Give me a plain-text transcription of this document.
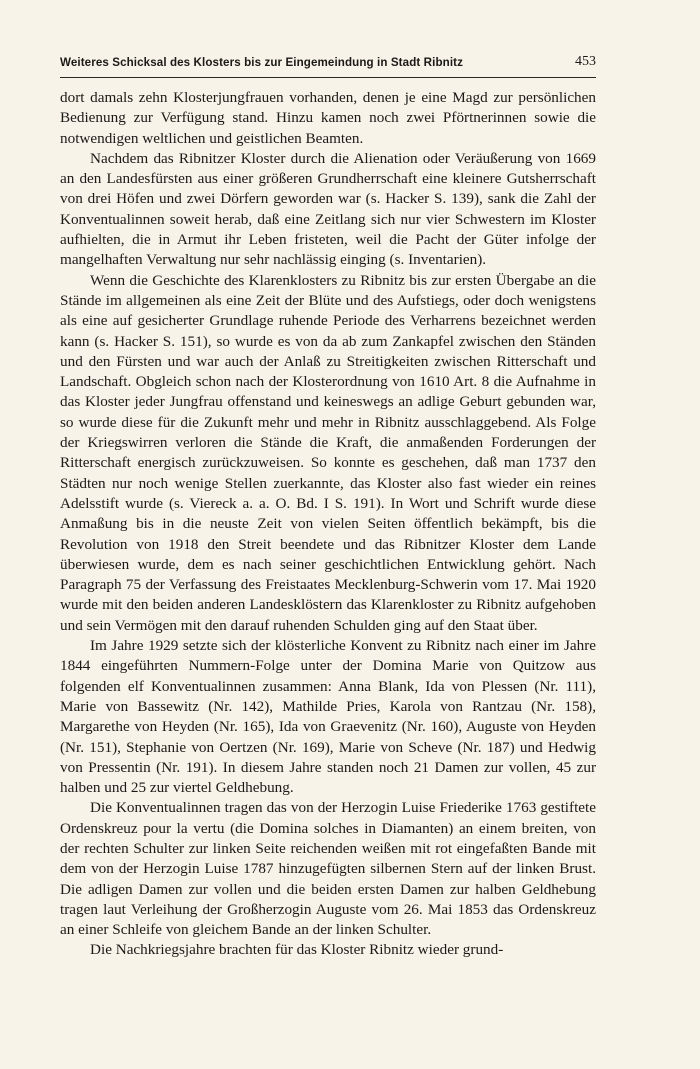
Weiteres Schicksal des Klosters bis zur Eingemeindung in Stadt Ribnitz	453

dort damals zehn Klosterjungfrauen vorhanden, denen je eine Magd zur persönlichen Bedienung zur Verfügung stand. Hinzu kamen noch zwei Pförtnerinnen sowie die notwendigen weltlichen und geistlichen Beamten.

Nachdem das Ribnitzer Kloster durch die Alienation oder Veräußerung von 1669 an den Landesfürsten aus einer größeren Grundherrschaft eine kleinere Gutsherrschaft von drei Höfen und zwei Dörfern geworden war (s. Hacker S. 139), sank die Zahl der Konventualinnen soweit herab, daß eine Zeitlang sich nur vier Schwestern im Kloster aufhielten, die in Armut ihr Leben fristeten, weil die Pacht der Güter infolge der mangelhaften Verwaltung nur sehr nachlässig einging (s. Inventarien).

Wenn die Geschichte des Klarenklosters zu Ribnitz bis zur ersten Übergabe an die Stände im allgemeinen als eine Zeit der Blüte und des Aufstiegs, oder doch wenigstens als eine auf gesicherter Grundlage ruhende Periode des Verharrens bezeichnet werden kann (s. Hacker S. 151), so wurde es von da ab zum Zankapfel zwischen den Ständen und den Fürsten und war auch der Anlaß zu Streitigkeiten zwischen Ritterschaft und Landschaft. Obgleich schon nach der Klosterordnung von 1610 Art. 8 die Aufnahme in das Kloster jeder Jungfrau offenstand und keineswegs an adlige Geburt gebunden war, so wurde diese für die Zukunft mehr und mehr in Ribnitz ausschlaggebend. Als Folge der Kriegswirren verloren die Stände die Kraft, die anmaßenden Forderungen der Ritterschaft energisch zurückzuweisen. So konnte es geschehen, daß man 1737 den Städten nur noch wenige Stellen zuerkannte, das Kloster also fast wieder ein reines Adelsstift wurde (s. Viereck a. a. O. Bd. I S. 191). In Wort und Schrift wurde diese Anmaßung bis in die neuste Zeit von vielen Seiten öffentlich bekämpft, bis die Revolution von 1918 den Streit beendete und das Ribnitzer Kloster dem Lande überwiesen wurde, dem es nach seiner geschichtlichen Entwicklung gehört. Nach Paragraph 75 der Verfassung des Freistaates Mecklenburg-Schwerin vom 17. Mai 1920 wurde mit den beiden anderen Landesklöstern das Klarenkloster zu Ribnitz aufgehoben und sein Vermögen mit den darauf ruhenden Schulden ging auf den Staat über.

Im Jahre 1929 setzte sich der klösterliche Konvent zu Ribnitz nach einer im Jahre 1844 eingeführten Nummern-Folge unter der Domina Marie von Quitzow aus folgenden elf Konventualinnen zusammen: Anna Blank, Ida von Plessen (Nr. 111), Marie von Bassewitz (Nr. 142), Mathilde Pries, Karola von Rantzau (Nr. 158), Margarethe von Heyden (Nr. 165), Ida von Graevenitz (Nr. 160), Auguste von Heyden (Nr. 151), Stephanie von Oertzen (Nr. 169), Marie von Scheve (Nr. 187) und Hedwig von Pressentin (Nr. 191). In diesem Jahre standen noch 21 Damen zur vollen, 45 zur halben und 25 zur viertel Geldhebung.

Die Konventualinnen tragen das von der Herzogin Luise Friederike 1763 gestiftete Ordenskreuz pour la vertu (die Domina solches in Diamanten) an einem breiten, von der rechten Schulter zur linken Seite reichenden weißen mit rot eingefaßten Bande mit dem von der Herzogin Luise 1787 hinzugefügten silbernen Stern auf der linken Brust. Die adligen Damen zur vollen und die beiden ersten Damen zur halben Geldhebung tragen laut Verleihung der Großherzogin Auguste vom 26. Mai 1853 das Ordenskreuz an einer Schleife von gleichem Bande an der linken Schulter.

Die Nachkriegsjahre brachten für das Kloster Ribnitz wieder grund-
